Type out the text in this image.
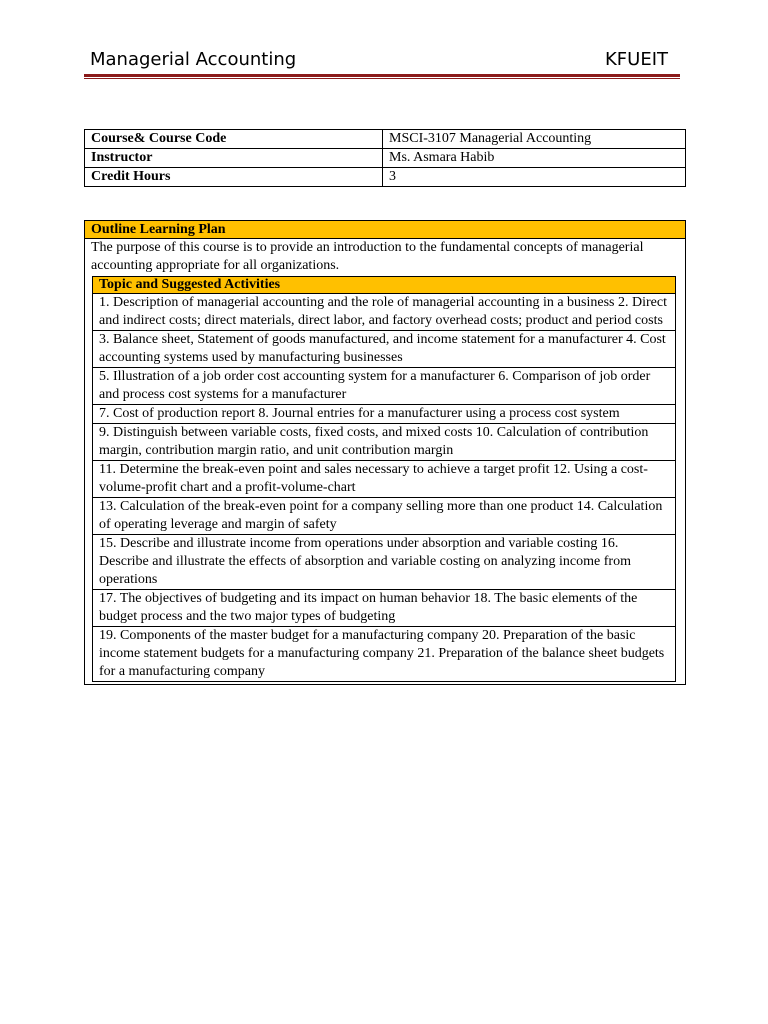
Managerial Accounting	KFUEIT
Course& Course Code	MSCI-3107 Managerial Accounting
Instructor	Ms. Asmara Habib
Credit Hours	3
Outline Learning Plan
The purpose of this course is to provide an introduction to the fundamental concepts of managerial accounting appropriate for all organizations.
Topic and Suggested Activities
1. Description of managerial accounting and the role of managerial accounting in a business 2. Direct and indirect costs; direct materials, direct labor, and factory overhead costs; product and period costs
3. Balance sheet, Statement of goods manufactured, and income statement for a manufacturer 4. Cost accounting systems used by manufacturing businesses
5. Illustration of a job order cost accounting system for a manufacturer 6. Comparison of job order and process cost systems for a manufacturer
7. Cost of production report 8. Journal entries for a manufacturer using a process cost system
9. Distinguish between variable costs, fixed costs, and mixed costs 10. Calculation of contribution margin, contribution margin ratio, and unit contribution margin
11. Determine the break-even point and sales necessary to achieve a target profit 12. Using a cost-volume-profit chart and a profit-volume-chart
13. Calculation of the break-even point for a company selling more than one product 14. Calculation of operating leverage and margin of safety
15. Describe and illustrate income from operations under absorption and variable costing 16. Describe and illustrate the effects of absorption and variable costing on analyzing income from operations
17. The objectives of budgeting and its impact on human behavior 18. The basic elements of the budget process and the two major types of budgeting
19. Components of the master budget for a manufacturing company 20. Preparation of the basic income statement budgets for a manufacturing company 21. Preparation of the balance sheet budgets for a manufacturing company
